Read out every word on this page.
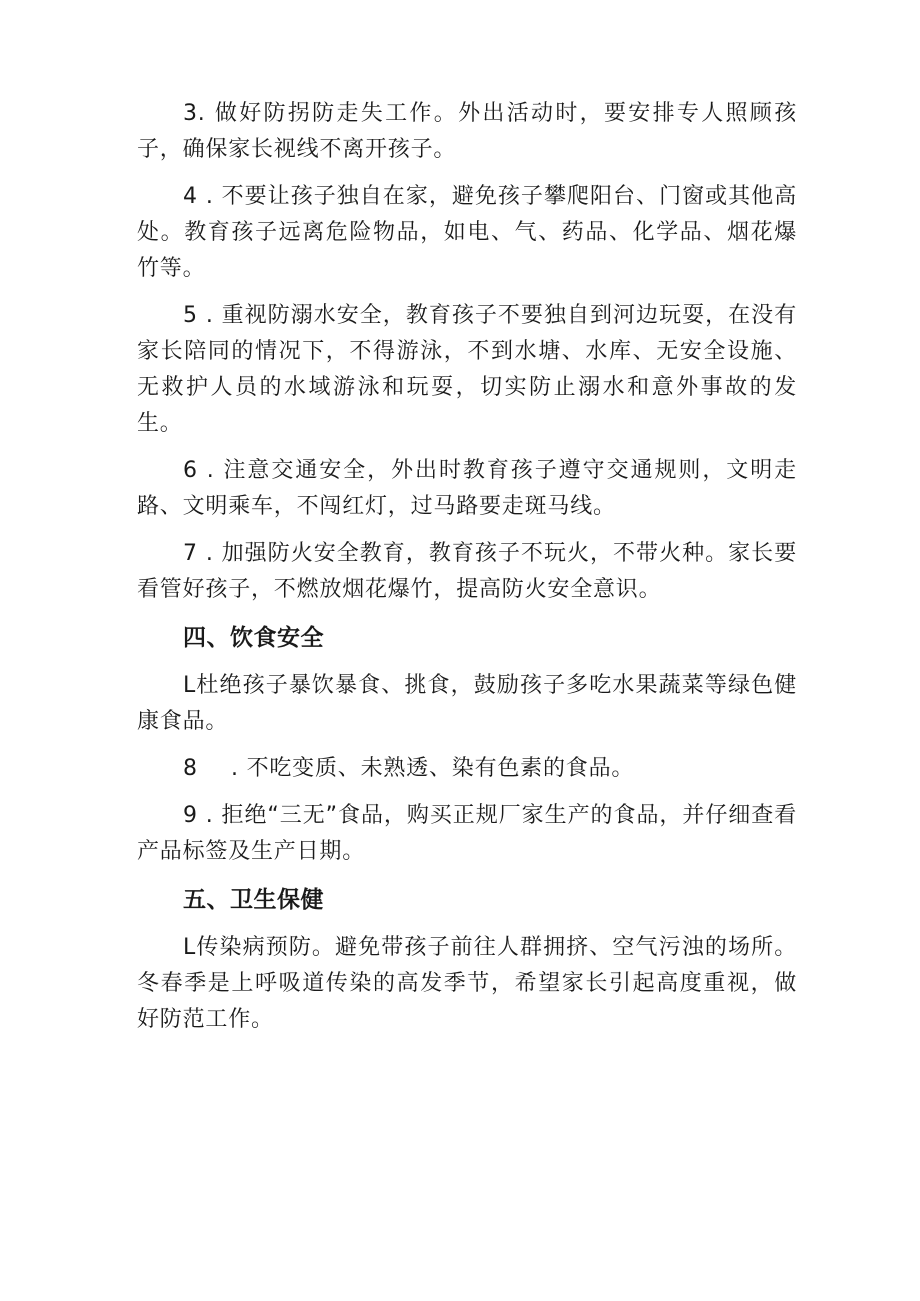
3. 做好防拐防走失工作。外出活动时，要安排专人照顾孩子，确保家长视线不离开孩子。

4 . 不要让孩子独自在家，避免孩子攀爬阳台、门窗或其他高处。教育孩子远离危险物品，如电、气、药品、化学品、烟花爆竹等。

5 . 重视防溺水安全，教育孩子不要独自到河边玩耍，在没有家长陪同的情况下，不得游泳，不到水塘、水库、无安全设施、无救护人员的水域游泳和玩耍，切实防止溺水和意外事故的发生。

6 . 注意交通安全，外出时教育孩子遵守交通规则，文明走路、文明乘车，不闯红灯，过马路要走斑马线。

7 . 加强防火安全教育，教育孩子不玩火，不带火种。家长要看管好孩子，不燃放烟花爆竹，提高防火安全意识。

四、饮食安全

L杜绝孩子暴饮暴食、挑食，鼓励孩子多吃水果蔬菜等绿色健康食品。

8 . 不吃变质、未熟透、染有色素的食品。

9 . 拒绝“三无”食品，购买正规厂家生产的食品，并仔细查看产品标签及生产日期。

五、卫生保健

L传染病预防。避免带孩子前往人群拥挤、空气污浊的场所。冬春季是上呼吸道传染的高发季节，希望家长引起高度重视，做好防范工作。
